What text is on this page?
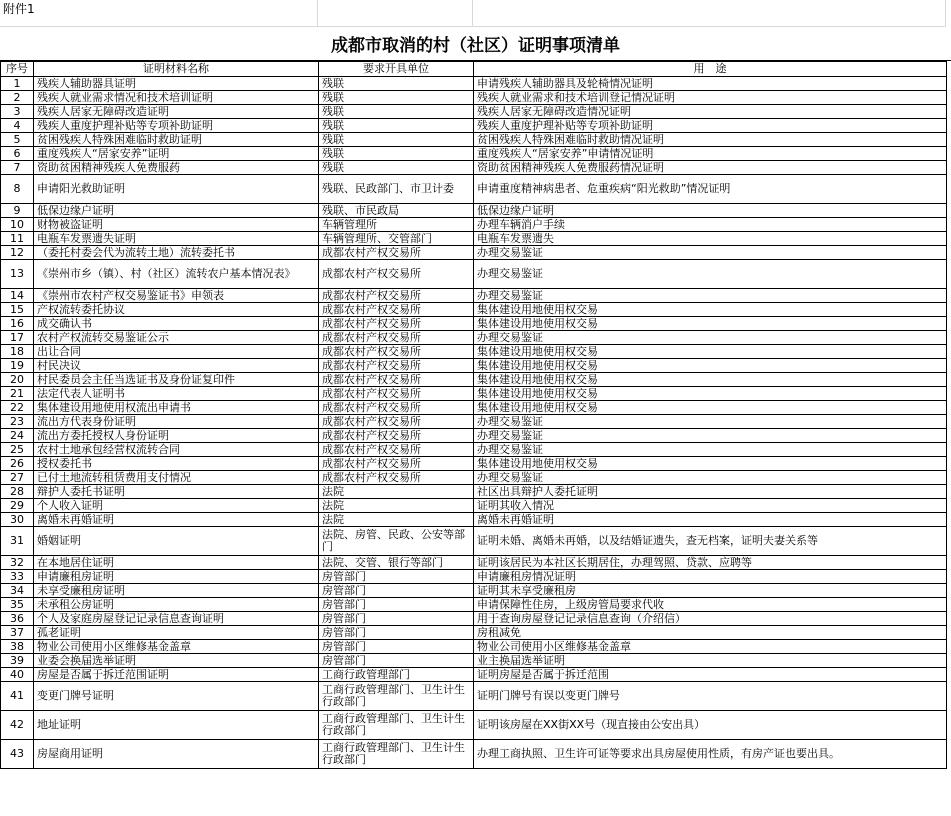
附件1
成都市取消的村（社区）证明事项清单
序号	证明材料名称	要求开具单位	用　途
1	残疾人辅助器具证明	残联	申请残疾人辅助器具及轮椅情况证明
2	残疾人就业需求情况和技术培训证明	残联	残疾人就业需求和技术培训登记情况证明
3	残疾人居家无障碍改造证明	残联	残疾人居家无障碍改造情况证明
4	残疾人重度护理补贴等专项补助证明	残联	残疾人重度护理补贴等专项补助证明
5	贫困残疾人特殊困难临时救助证明	残联	贫困残疾人特殊困难临时救助情况证明
6	重度残疾人“居家安养”证明	残联	重度残疾人“居家安养”申请情况证明
7	资助贫困精神残疾人免费服药	残联	资助贫困精神残疾人免费服药情况证明
8	申请阳光救助证明	残联、民政部门、市卫计委	申请重度精神病患者、危重疾病“阳光救助”情况证明
9	低保边缘户证明	残联、市民政局	低保边缘户证明
10	财物被盗证明	车辆管理所	办理车辆消户手续
11	电瓶车发票遗失证明	车辆管理所、交管部门	电瓶车发票遗失
12	（委托村委会代为流转土地）流转委托书	成都农村产权交易所	办理交易鉴证
13	《崇州市乡（镇）、村（社区）流转农户基本情况表》	成都农村产权交易所	办理交易鉴证
14	《崇州市农村产权交易鉴证书》申领表	成都农村产权交易所	办理交易鉴证
15	产权流转委托协议	成都农村产权交易所	集体建设用地使用权交易
16	成交确认书	成都农村产权交易所	集体建设用地使用权交易
17	农村产权流转交易鉴证公示	成都农村产权交易所	办理交易鉴证
18	出让合同	成都农村产权交易所	集体建设用地使用权交易
19	村民决议	成都农村产权交易所	集体建设用地使用权交易
20	村民委员会主任当选证书及身份证复印件	成都农村产权交易所	集体建设用地使用权交易
21	法定代表人证明书	成都农村产权交易所	集体建设用地使用权交易
22	集体建设用地使用权流出申请书	成都农村产权交易所	集体建设用地使用权交易
23	流出方代表身份证明	成都农村产权交易所	办理交易鉴证
24	流出方委托授权人身份证明	成都农村产权交易所	办理交易鉴证
25	农村土地承包经营权流转合同	成都农村产权交易所	办理交易鉴证
26	授权委托书	成都农村产权交易所	集体建设用地使用权交易
27	已付土地流转租赁费用支付情况	成都农村产权交易所	办理交易鉴证
28	辩护人委托书证明	法院	社区出具辩护人委托证明
29	个人收入证明	法院	证明其收入情况
30	离婚未再婚证明	法院	离婚未再婚证明
31	婚姻证明	法院、房管、民政、公安等部门	证明未婚、离婚未再婚，以及结婚证遗失，查无档案，证明夫妻关系等
32	在本地居住证明	法院、交管、银行等部门	证明该居民为本社区长期居住，办理驾照、贷款、应聘等
33	申请廉租房证明	房管部门	申请廉租房情况证明
34	未享受廉租房证明	房管部门	证明其未享受廉租房
35	未承租公房证明	房管部门	申请保障性住房，上级房管局要求代收
36	个人及家庭房屋登记记录信息查询证明	房管部门	用于查询房屋登记记录信息查询（介绍信）
37	孤老证明	房管部门	房租减免
38	物业公司使用小区维修基金盖章	房管部门	物业公司使用小区维修基金盖章
39	业委会换届选举证明	房管部门	业主换届选举证明
40	房屋是否属于拆迁范围证明	工商行政管理部门	证明房屋是否属于拆迁范围
41	变更门牌号证明	工商行政管理部门、卫生计生行政部门	证明门牌号有误以变更门牌号
42	地址证明	工商行政管理部门、卫生计生行政部门	证明该房屋在XX街XX号（现直接由公安出具）
43	房屋商用证明	工商行政管理部门、卫生计生行政部门	办理工商执照、卫生许可证等要求出具房屋使用性质，有房产证也要出具。
